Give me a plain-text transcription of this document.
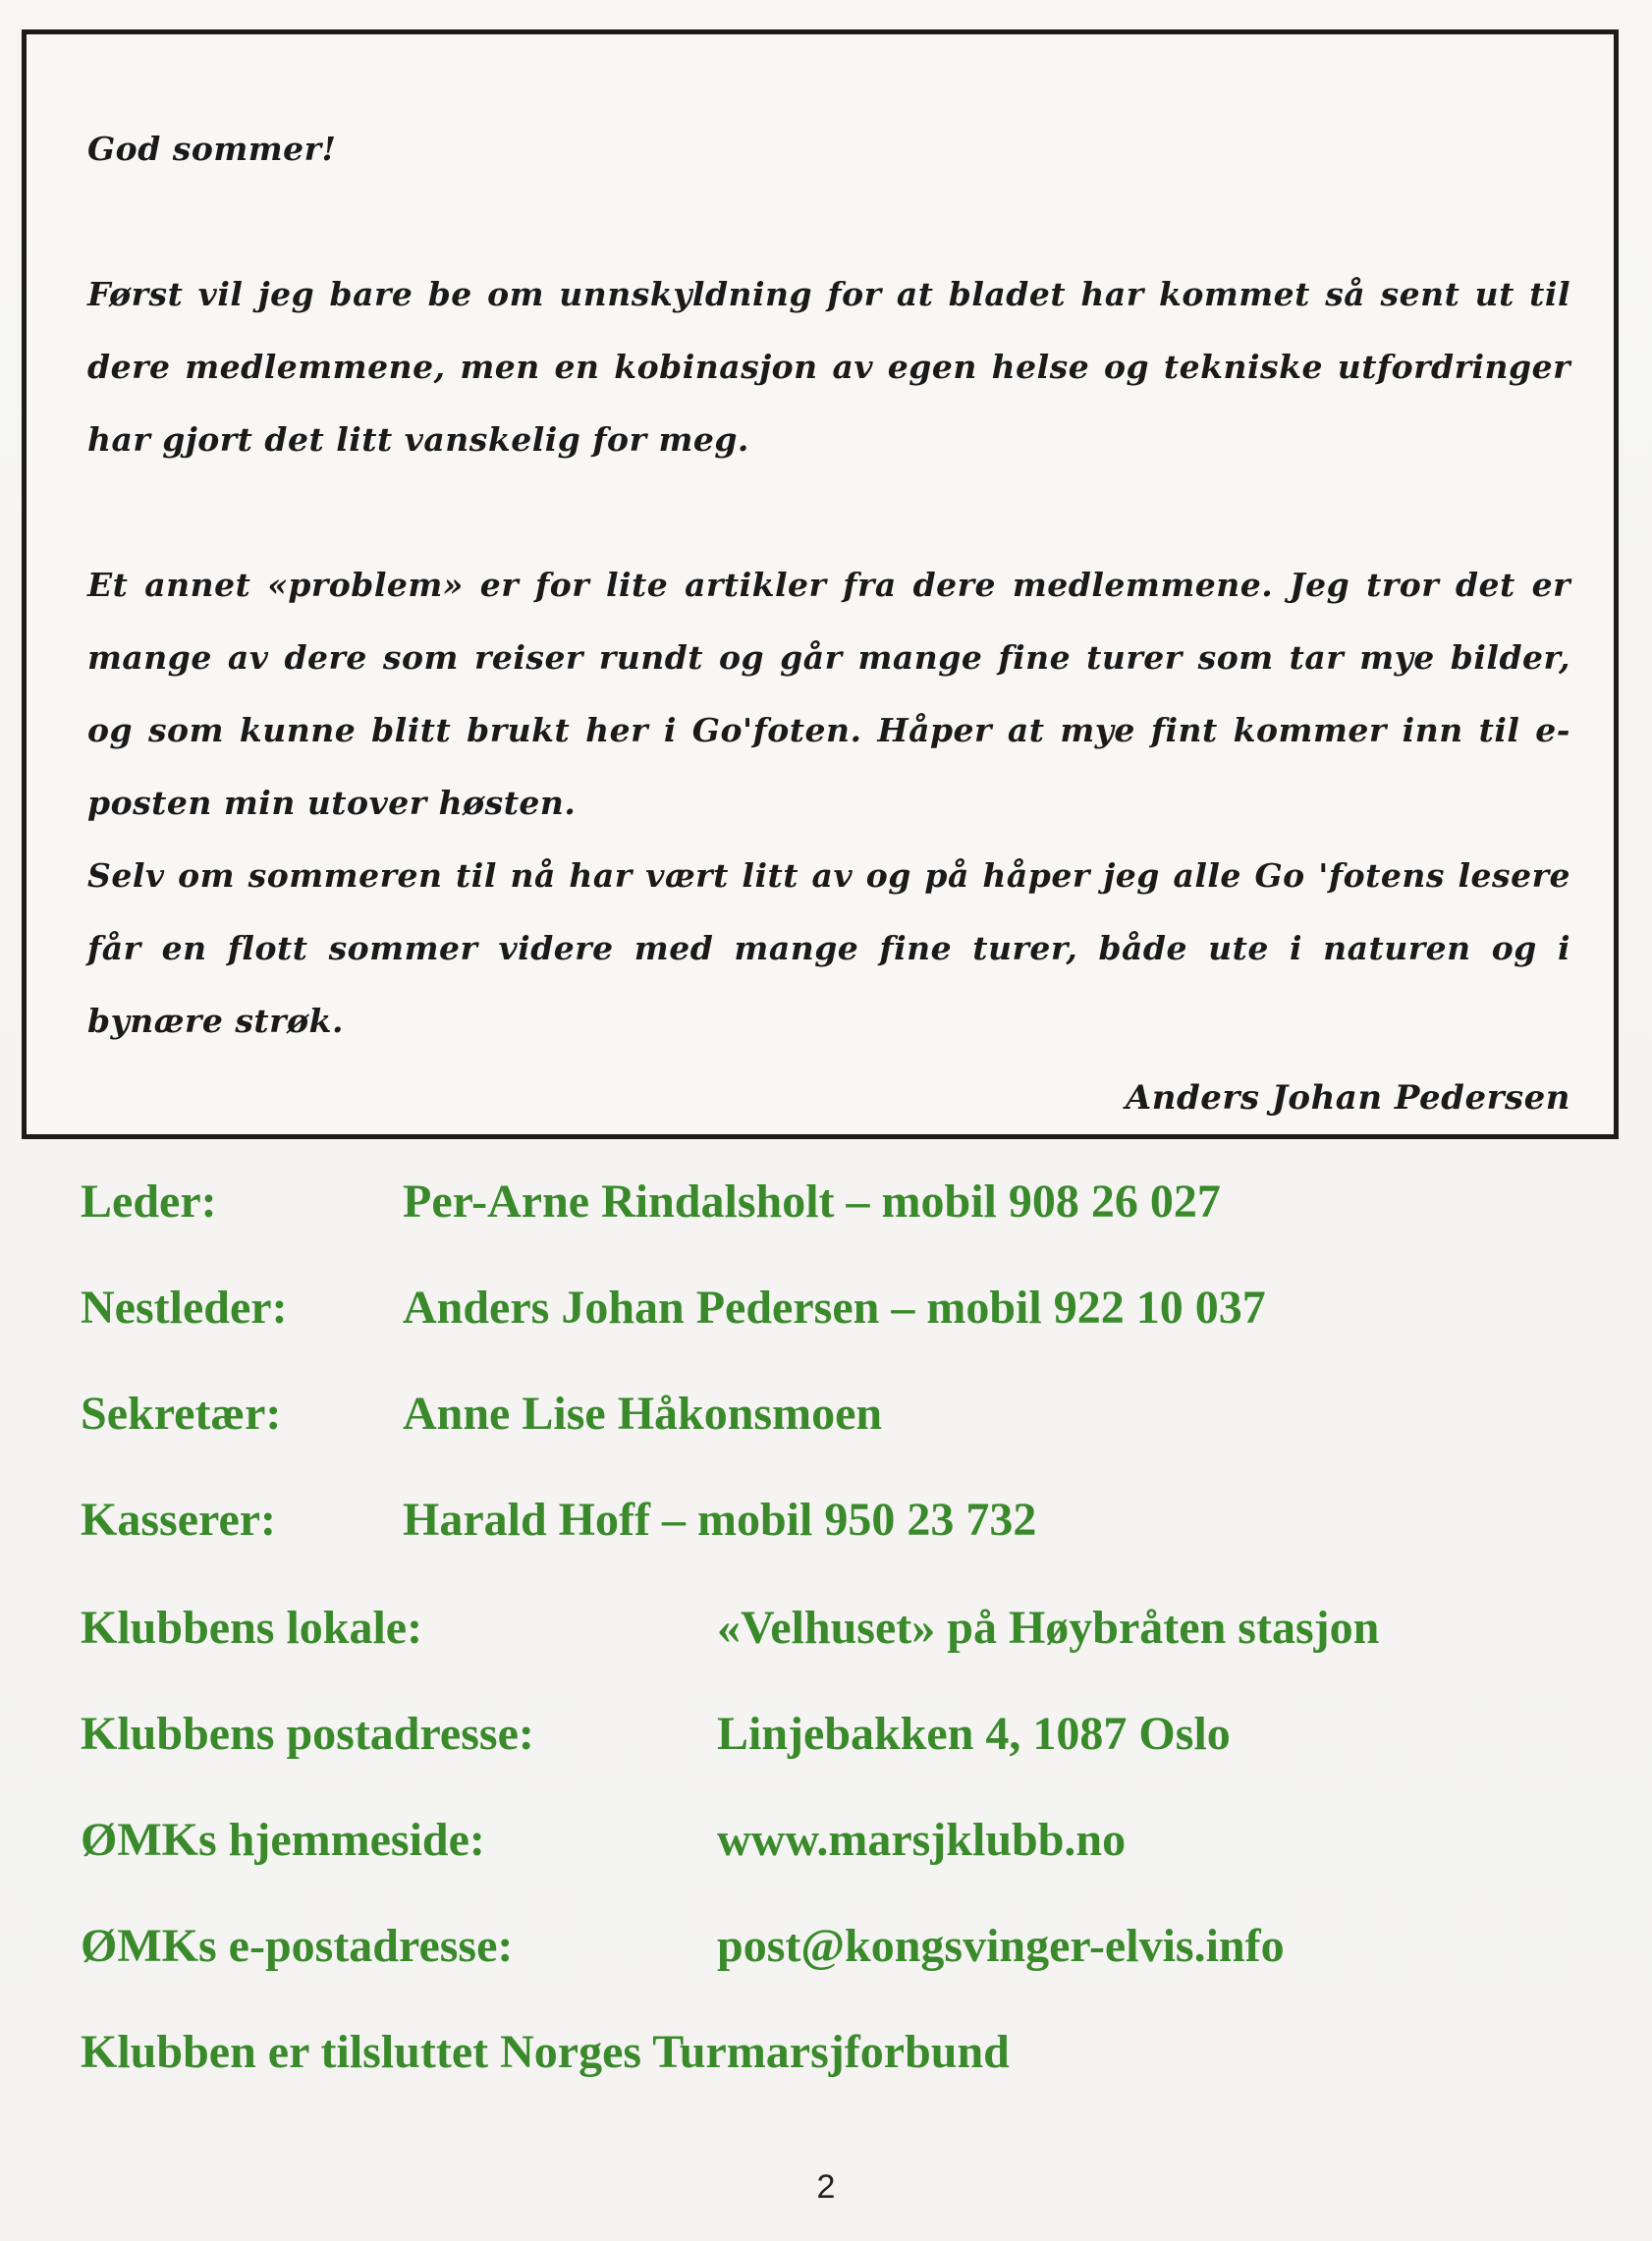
God sommer!

Først vil jeg bare be om unnskyldning for at bladet har kommet så sent ut til dere medlemmene, men en kobinasjon av egen helse og tekniske utfordringer har gjort det litt vanskelig for meg.

Et annet «problem» er for lite artikler fra dere medlemmene. Jeg tror det er mange av dere som reiser rundt og går mange fine turer som tar mye bilder, og som kunne blitt brukt her i Go'foten. Håper at mye fint kommer inn til e-posten min utover høsten.

Selv om sommeren til nå har vært litt av og på håper jeg alle Go 'fotens lesere får en flott sommer videre med mange fine turer, både ute i naturen og i bynære strøk.

Anders Johan Pedersen

Leder:	Per-Arne Rindalsholt – mobil 908 26 027
Nestleder: Anders Johan Pedersen – mobil 922 10 037
Sekretær:	Anne Lise Håkonsmoen
Kasserer:	Harald Hoff – mobil 950 23 732
Klubbens lokale:	«Velhuset» på Høybråten stasjon
Klubbens postadresse:	Linjebakken 4, 1087 Oslo
ØMKs hjemmeside:	www.marsjklubb.no
ØMKs e-postadresse:	post@kongsvinger-elvis.info
Klubben er tilsluttet Norges Turmarsjforbund
2
